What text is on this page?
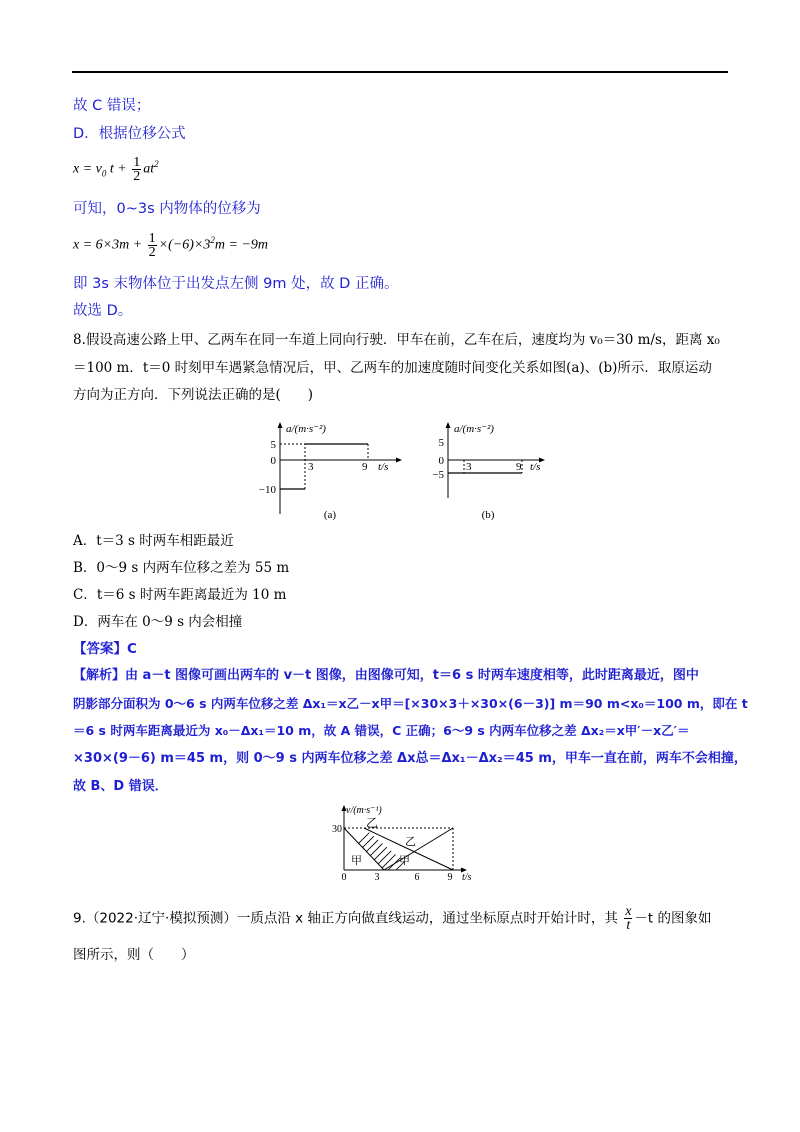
故 C 错误；
D．根据位移公式
$x = v_0$ $t + \frac{1}{2} at^2$
可知，0~3s 内物体的位移为
$x = 6\times 3m + \frac{1}{2} \times(-6)\times 3^2m = -9m$
即 3s 末物体位于出发点左侧 9m 处，故 D 正确。
故选 D。
8.假设高速公路上甲、乙两车在同一车道上同向行驶．甲车在前，乙车在后，速度均为 v₀＝30 m/s，距离 x₀
＝100 m．t＝0 时刻甲车遇紧急情况后，甲、乙两车的加速度随时间变化关系如图(a)、(b)所示．取原运动
方向为正方向．下列说法正确的是(　　)
a/(m·s⁻²)
5
0
−10
3	9 t/s
(a)
a/(m·s⁻²)
5
0
−5
3	9 t/s
(b)
A．t＝3 s 时两车相距最近
B．0～9 s 内两车位移之差为 55 m
C．t＝6 s 时两车距离最近为 10 m
D．两车在 0～9 s 内会相撞
【答案】C
【解析】由 a－t 图像可画出两车的 v－t 图像，由图像可知，t＝6 s 时两车速度相等，此时距离最近，图中
阴影部分面积为 0～6 s 内两车位移之差 Δx₁＝x乙－x甲＝[×30×3＋×30×(6－3)] m＝90 m<x₀＝100 m，即在 t
＝6 s 时两车距离最近为 x₀－Δx₁＝10 m，故 A 错误，C 正确；6～9 s 内两车位移之差 Δx₂＝x甲′－x乙′＝
×30×(9－6) m＝45 m，则 0～9 s 内两车位移之差 Δx总＝Δx₁－Δx₂＝45 m，甲车一直在前，两车不会相撞，
故 B、D 错误．
v/(m·s⁻¹)
30
0	3	6	9 t/s
乙
乙
甲	甲
9.（2022·辽宁·模拟预测）一质点沿 x 轴正方向做直线运动，通过坐标原点时开始计时，其 $\frac{x}{t} -t$ 的图象如
图所示，则（　　）
